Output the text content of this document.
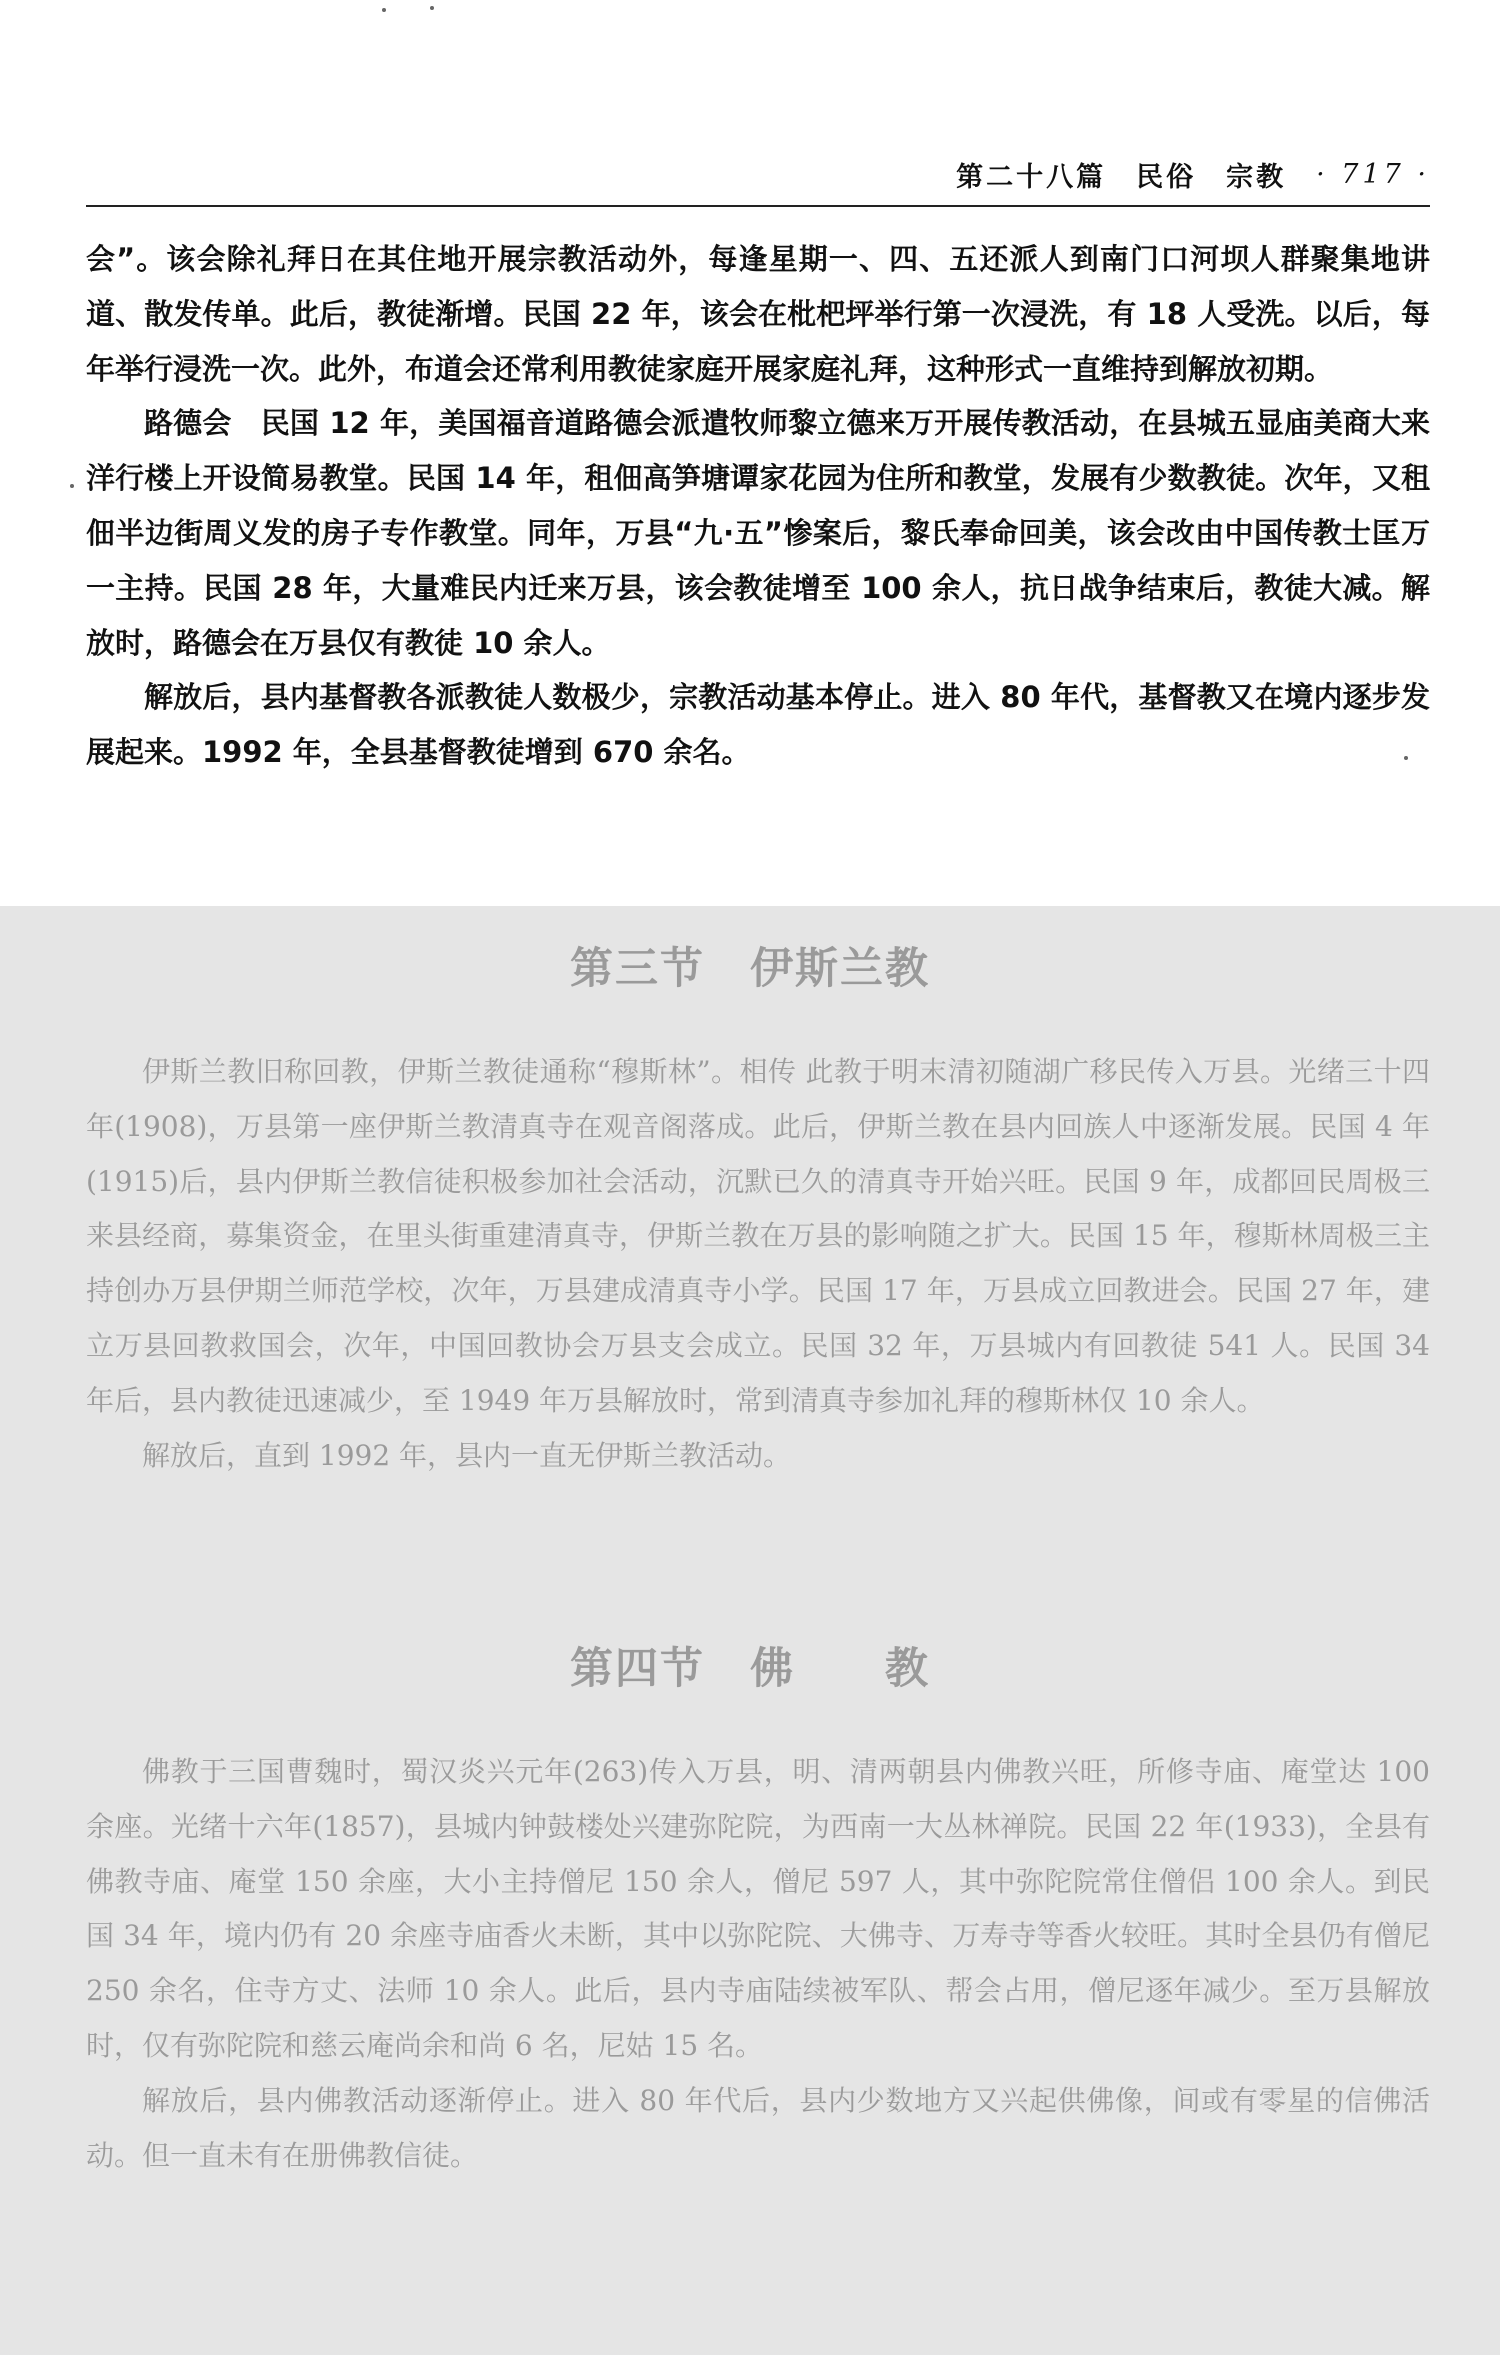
第二十八篇 民俗 宗教 · 717 ·

会”。该会除礼拜日在其住地开展宗教活动外，每逢星期一、四、五还派人到南门口河坝人群聚集地讲道、散发传单。此后，教徒渐增。民国 22 年，该会在枇杷坪举行第一次浸洗，有 18 人受洗。以后，每年举行浸洗一次。此外，布道会还常利用教徒家庭开展家庭礼拜，这种形式一直维持到解放初期。

路德会  民国 12 年，美国福音道路德会派遣牧师黎立德来万开展传教活动，在县城五显庙美商大来洋行楼上开设简易教堂。民国 14 年，租佃高笋塘谭家花园为住所和教堂，发展有少数教徒。次年，又租佃半边街周义发的房子专作教堂。同年，万县“九·五”惨案后，黎氏奉命回美，该会改由中国传教士匡万一主持。民国 28 年，大量难民内迁来万县，该会教徒增至 100 余人，抗日战争结束后，教徒大减。解放时，路德会在万县仅有教徒 10 余人。

解放后，县内基督教各派教徒人数极少，宗教活动基本停止。进入 80 年代，基督教又在境内逐步发展起来。1992 年，全县基督教徒增到 670 余名。

第三节　伊斯兰教

伊斯兰教旧称回教，伊斯兰教徒通称“穆斯林”。相传 此教于明末清初随湖广移民传入万县。光绪三十四年(1908)，万县第一座伊斯兰教清真寺在观音阁落成。此后，伊斯兰教在县内回族人中逐渐发展。民国 4 年(1915)后，县内伊斯兰教信徒积极参加社会活动，沉默已久的清真寺开始兴旺。民国 9 年，成都回民周极三来县经商，募集资金，在里头街重建清真寺，伊斯兰教在万县的影响随之扩大。民国 15 年，穆斯林周极三主持创办万县伊期兰师范学校，次年，万县建成清真寺小学。民国 17 年，万县成立回教进会。民国 27 年，建立万县回教救国会，次年，中国回教协会万县支会成立。民国 32 年，万县城内有回教徒 541 人。民国 34 年后，县内教徒迅速减少，至 1949 年万县解放时，常到清真寺参加礼拜的穆斯林仅 10 余人。

解放后，直到 1992 年，县内一直无伊斯兰教活动。

第四节　佛　　教

佛教于三国曹魏时，蜀汉炎兴元年(263)传入万县，明、清两朝县内佛教兴旺，所修寺庙、庵堂达 100 余座。光绪十六年(1857)，县城内钟鼓楼处兴建弥陀院，为西南一大丛林禅院。民国 22 年(1933)，全县有佛教寺庙、庵堂 150 余座，大小主持僧尼 150 余人，僧尼 597 人，其中弥陀院常住僧侣 100 余人。到民国 34 年，境内仍有 20 余座寺庙香火未断，其中以弥陀院、大佛寺、万寿寺等香火较旺。其时全县仍有僧尼 250 余名，住寺方丈、法师 10 余人。此后，县内寺庙陆续被军队、帮会占用，僧尼逐年减少。至万县解放时，仅有弥陀院和慈云庵尚余和尚 6 名，尼姑 15 名。

解放后，县内佛教活动逐渐停止。进入 80 年代后，县内少数地方又兴起供佛像，间或有零星的信佛活动。但一直未有在册佛教信徒。
